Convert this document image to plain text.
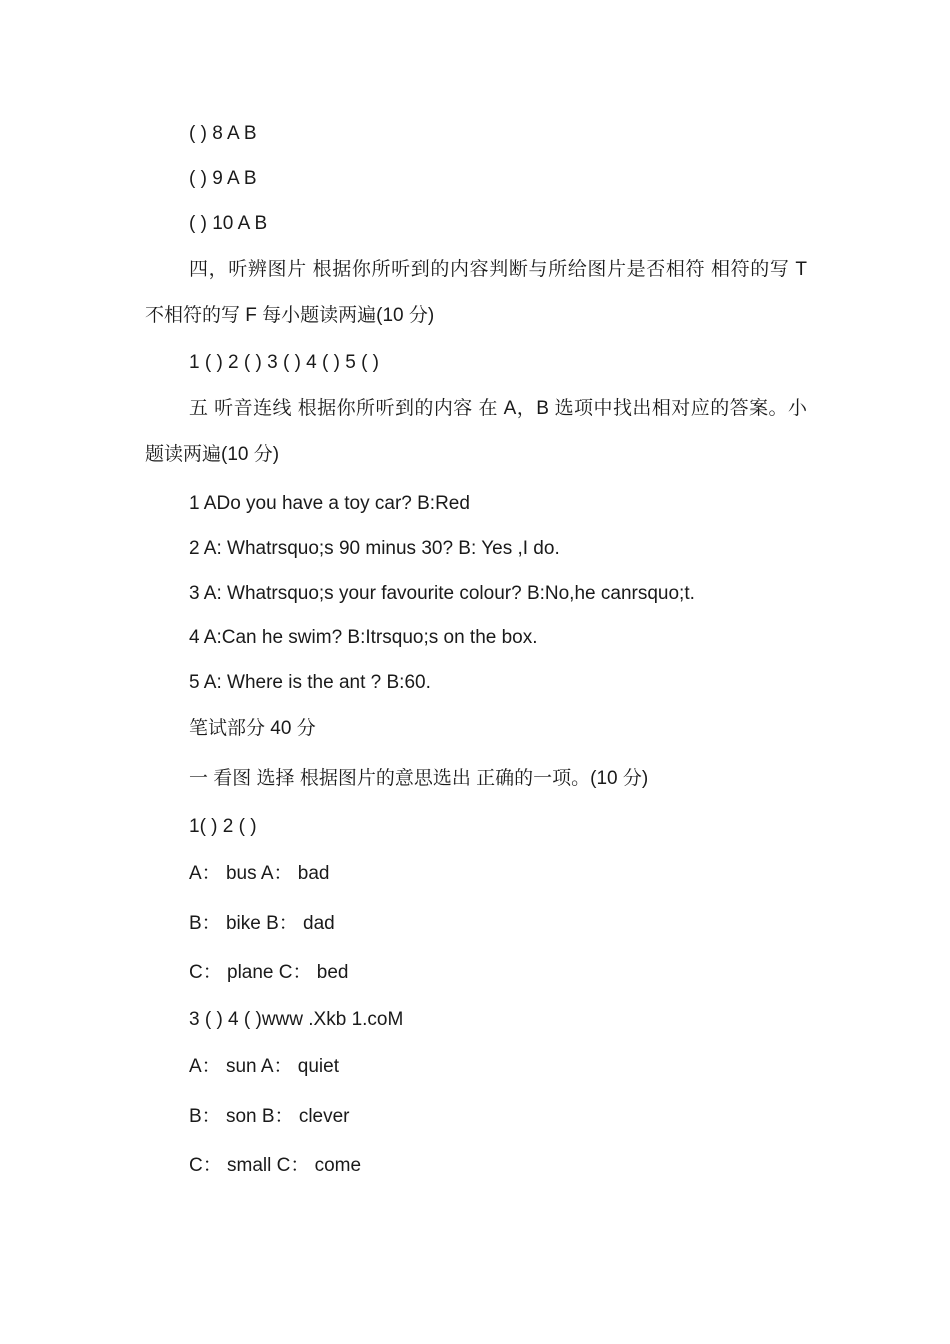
( ) 8 A B
( ) 9 A B
( ) 10 A B
四，听辨图片 根据你所听到的内容判断与所给图片是否相符 相符的写 T 不相符的写 F 每小题读两遍(10 分)
1 ( ) 2 ( ) 3 ( ) 4 ( ) 5 ( )
五 听音连线 根据你所听到的内容 在 A，B 选项中找出相对应的答案。小题读两遍(10 分)
1 ADo you have a toy car? B:Red
2 A: Whatrsquo;s 90 minus 30? B: Yes ,I do.
3 A: Whatrsquo;s your favourite colour? B:No,he canrsquo;t.
4 A:Can he swim? B:Itrsquo;s on the box.
5 A: Where is the ant ? B:60.
笔试部分 40 分
一 看图 选择 根据图片的意思选出 正确的一项。(10 分)
1( ) 2 ( )
A： bus A： bad
B： bike B： dad
C： plane C： bed
3 ( ) 4 ( )www .Xkb 1.coM
A： sun A： quiet
B： son B： clever
C： small C： come
